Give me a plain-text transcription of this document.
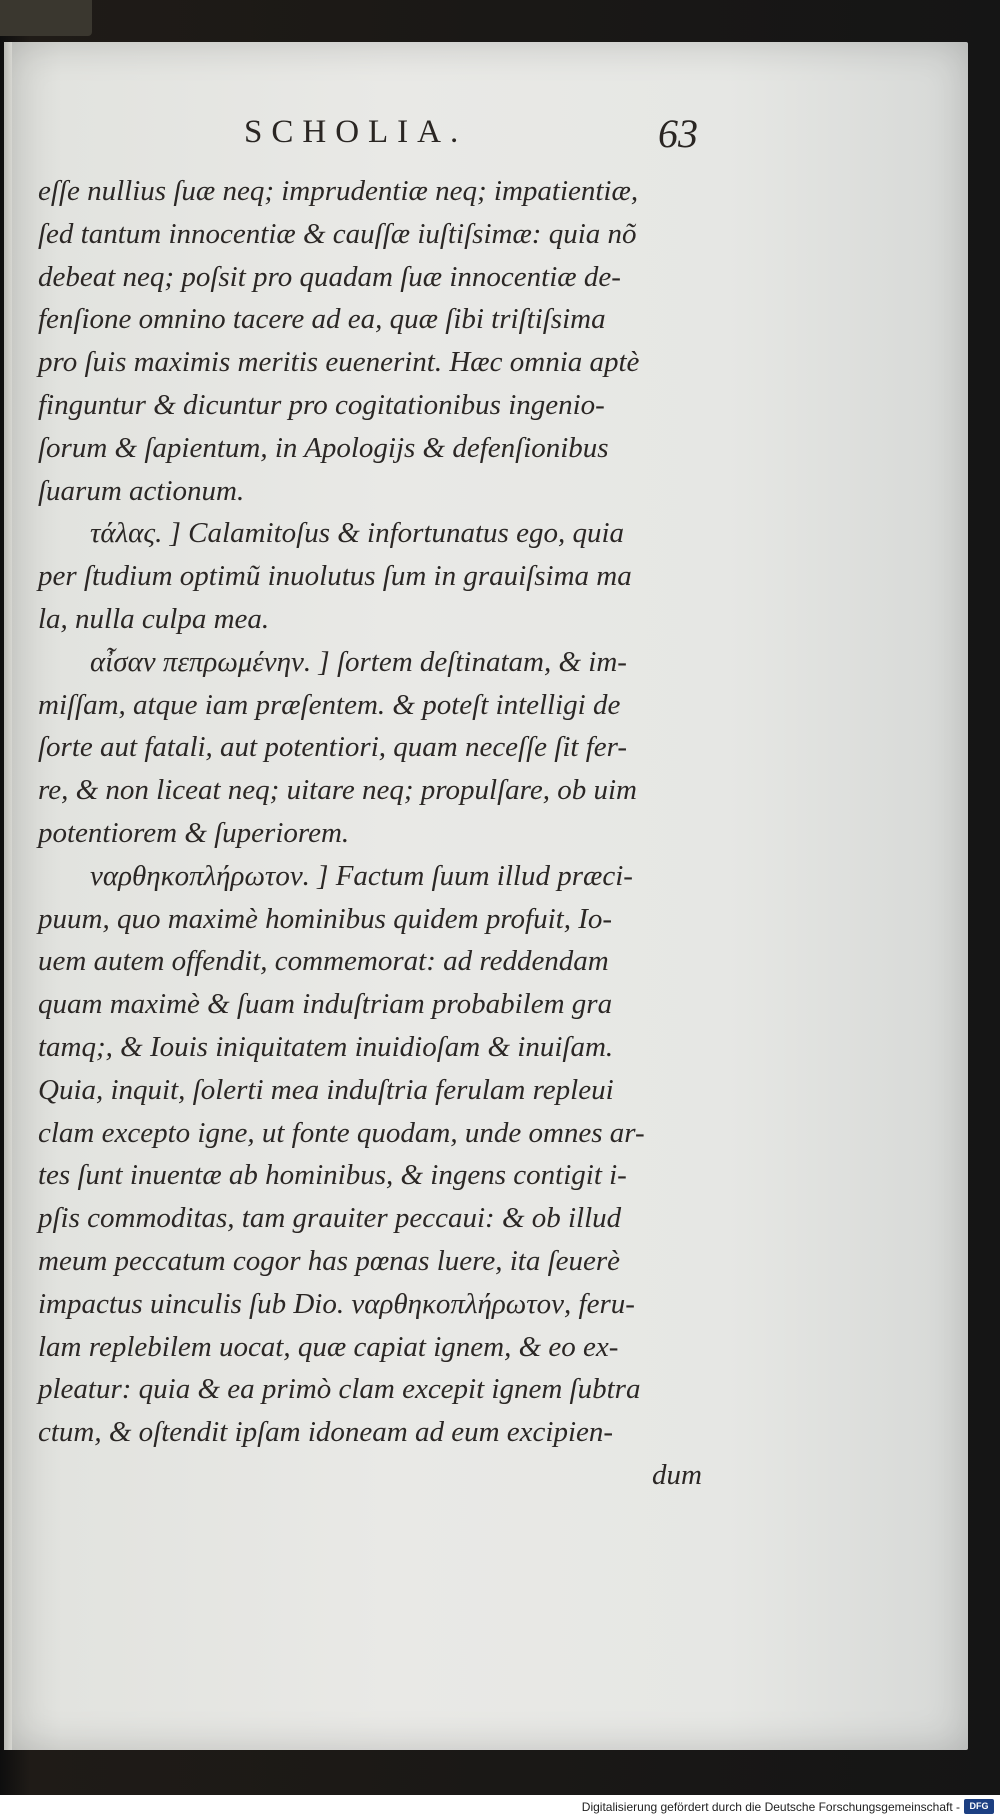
SCHOLIA.	63
eſſe nullius ſuæ neq; imprudentiæ neq; impatientiæ,
ſed tantum innocentiæ & cauſſæ iuſtiſsimæ: quia nõ
debeat neq; poſsit pro quadam ſuæ innocentiæ de-
fenſione omnino tacere ad ea, quæ ſibi triſtiſsima
pro ſuis maximis meritis euenerint. Hæc omnia aptè
finguntur & dicuntur pro cogitationibus ingenio-
ſorum & ſapientum, in Apologijs & defenſionibus
ſuarum actionum.
τάλας. ] Calamitoſus & infortunatus ego, quia
per ſtudium optimũ inuolutus ſum in grauiſsima ma
la, nulla culpa mea.
αἶσαν πεπρωμένην. ] ſortem deſtinatam, & im-
miſſam, atque iam præſentem. & poteſt intelligi de
ſorte aut fatali, aut potentiori, quam neceſſe ſit fer-
re, & non liceat neq; uitare neq; propulſare, ob uim
potentiorem & ſuperiorem.
ναρθηκοπλήρωτον. ] Factum ſuum illud præci-
puum, quo maximè hominibus quidem profuit, Io-
uem autem offendit, commemorat: ad reddendam
quam maximè & ſuam induſtriam probabilem gra
tamq;, & Iouis iniquitatem inuidioſam & inuiſam.
Quia, inquit, ſolerti mea induſtria ferulam repleui
clam excepto igne, ut fonte quodam, unde omnes ar-
tes ſunt inuentæ ab hominibus, & ingens contigit i-
pſis commoditas, tam grauiter peccaui: & ob illud
meum peccatum cogor has pœnas luere, ita ſeuerè
impactus uinculis ſub Dio. ναρθηκοπλήρωτον, feru-
lam replebilem uocat, quæ capiat ignem, & eo ex-
pleatur: quia & ea primò clam excepit ignem ſubtra
ctum, & oſtendit ipſam idoneam ad eum excipien-
dum
Digitalisierung gefördert durch die Deutsche Forschungsgemeinschaft -	DFG
